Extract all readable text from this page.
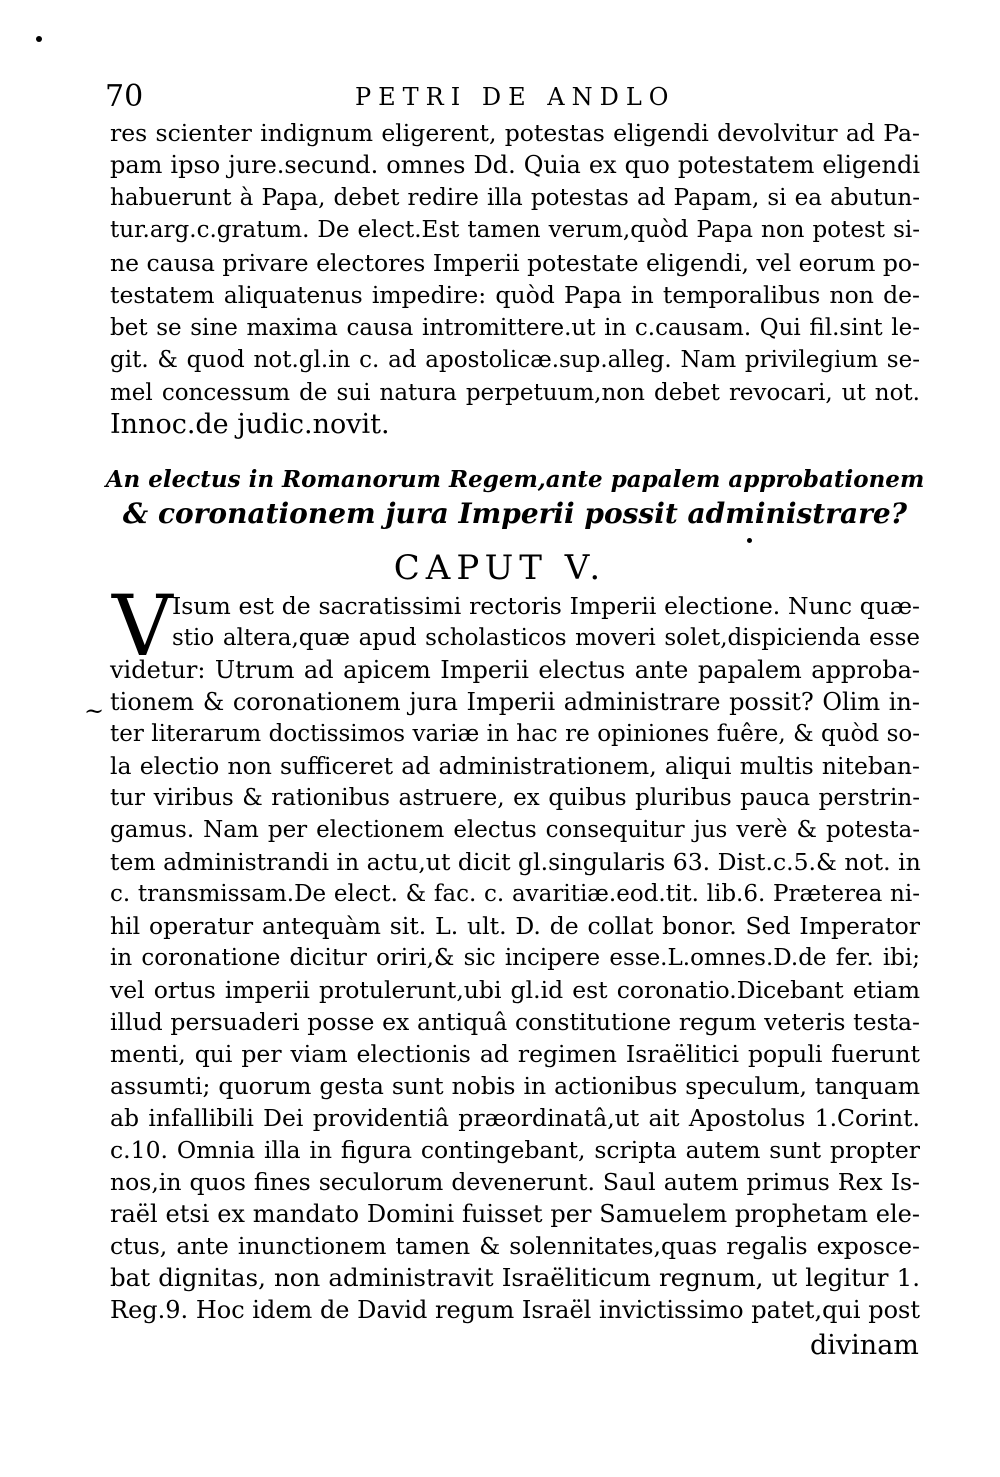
70	PETRI DE ANDLO
res scienter indignum eligerent, potestas eligendi devolvitur ad Pa-
pam ipso jure.secund. omnes Dd. Quia ex quo potestatem eligendi
habuerunt à Papa, debet redire illa potestas ad Papam, si ea abutun-
tur.arg.c.gratum. De elect.Est tamen verum,quòd Papa non potest si-
ne causa privare electores Imperii potestate eligendi, vel eorum po-
testatem aliquatenus impedire: quòd Papa in temporalibus non de-
bet se sine maxima causa intromittere.ut in c.causam. Qui fil.sint le-
git. & quod not.gl.in c. ad apostolicæ.sup.alleg. Nam privilegium se-
mel concessum de sui natura perpetuum,non debet revocari, ut not.
Innoc.de judic.novit.
An electus in Romanorum Regem,ante papalem approbationem
& coronationem jura Imperii possit administrare?
CAPUT V.
V
~
Isum est de sacratissimi rectoris Imperii electione. Nunc quæ-
stio altera,quæ apud scholasticos moveri solet,dispicienda esse
videtur: Utrum ad apicem Imperii electus ante papalem approba-
tionem & coronationem jura Imperii administrare possit? Olim in-
ter literarum doctissimos variæ in hac re opiniones fuêre, & quòd so-
la electio non sufficeret ad administrationem, aliqui multis niteban-
tur viribus & rationibus astruere, ex quibus pluribus pauca perstrin-
gamus. Nam per electionem electus consequitur jus verè & potesta-
tem administrandi in actu,ut dicit gl.singularis 63. Dist.c.5.& not. in
c. transmissam.De elect. & fac. c. avaritiæ.eod.tit. lib.6. Præterea ni-
hil operatur antequàm sit. L. ult. D. de collat bonor. Sed Imperator
in coronatione dicitur oriri,& sic incipere esse.L.omnes.D.de fer. ibi;
vel ortus imperii protulerunt,ubi gl.id est coronatio.Dicebant etiam
illud persuaderi posse ex antiquâ constitutione regum veteris testa-
menti, qui per viam electionis ad regimen Israëlitici populi fuerunt
assumti; quorum gesta sunt nobis in actionibus speculum, tanquam
ab infallibili Dei providentiâ præordinatâ,ut ait Apostolus 1.Corint.
c.10. Omnia illa in figura contingebant, scripta autem sunt propter
nos,in quos fines seculorum devenerunt. Saul autem primus Rex Is-
raël etsi ex mandato Domini fuisset per Samuelem prophetam ele-
ctus, ante inunctionem tamen & solennitates,quas regalis exposce-
bat dignitas, non administravit Israëliticum regnum, ut legitur 1.
Reg.9. Hoc idem de David regum Israël invictissimo patet,qui post
divinam
